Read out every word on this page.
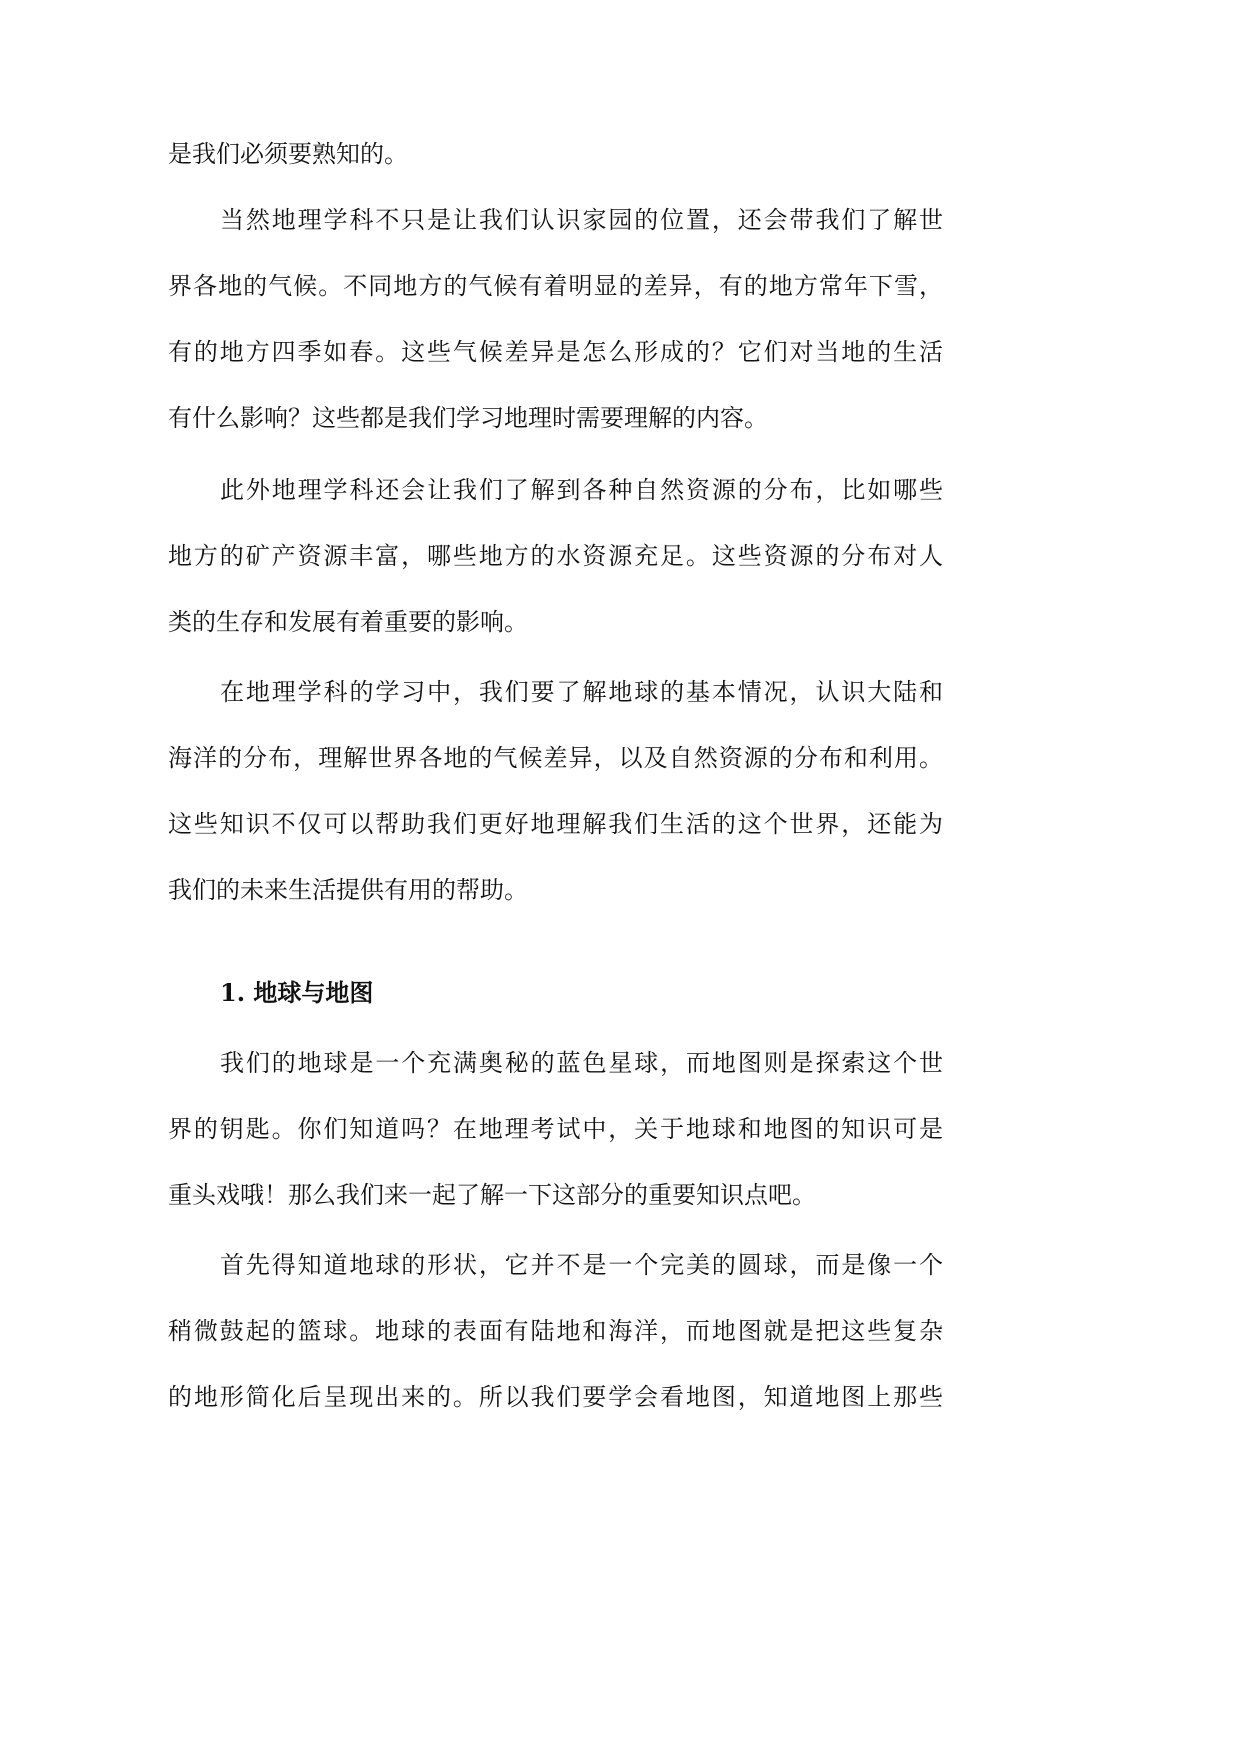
是我们必须要熟知的。
当然地理学科不只是让我们认识家园的位置，还会带我们了解世
界各地的气候。不同地方的气候有着明显的差异，有的地方常年下雪，
有的地方四季如春。这些气候差异是怎么形成的？它们对当地的生活
有什么影响？这些都是我们学习地理时需要理解的内容。
此外地理学科还会让我们了解到各种自然资源的分布，比如哪些
地方的矿产资源丰富，哪些地方的水资源充足。这些资源的分布对人
类的生存和发展有着重要的影响。
在地理学科的学习中，我们要了解地球的基本情况，认识大陆和
海洋的分布，理解世界各地的气候差异，以及自然资源的分布和利用。
这些知识不仅可以帮助我们更好地理解我们生活的这个世界，还能为
我们的未来生活提供有用的帮助。
1. 地球与地图
我们的地球是一个充满奥秘的蓝色星球，而地图则是探索这个世
界的钥匙。你们知道吗？在地理考试中，关于地球和地图的知识可是
重头戏哦！那么我们来一起了解一下这部分的重要知识点吧。
首先得知道地球的形状，它并不是一个完美的圆球，而是像一个
稍微鼓起的篮球。地球的表面有陆地和海洋，而地图就是把这些复杂
的地形简化后呈现出来的。所以我们要学会看地图，知道地图上那些
